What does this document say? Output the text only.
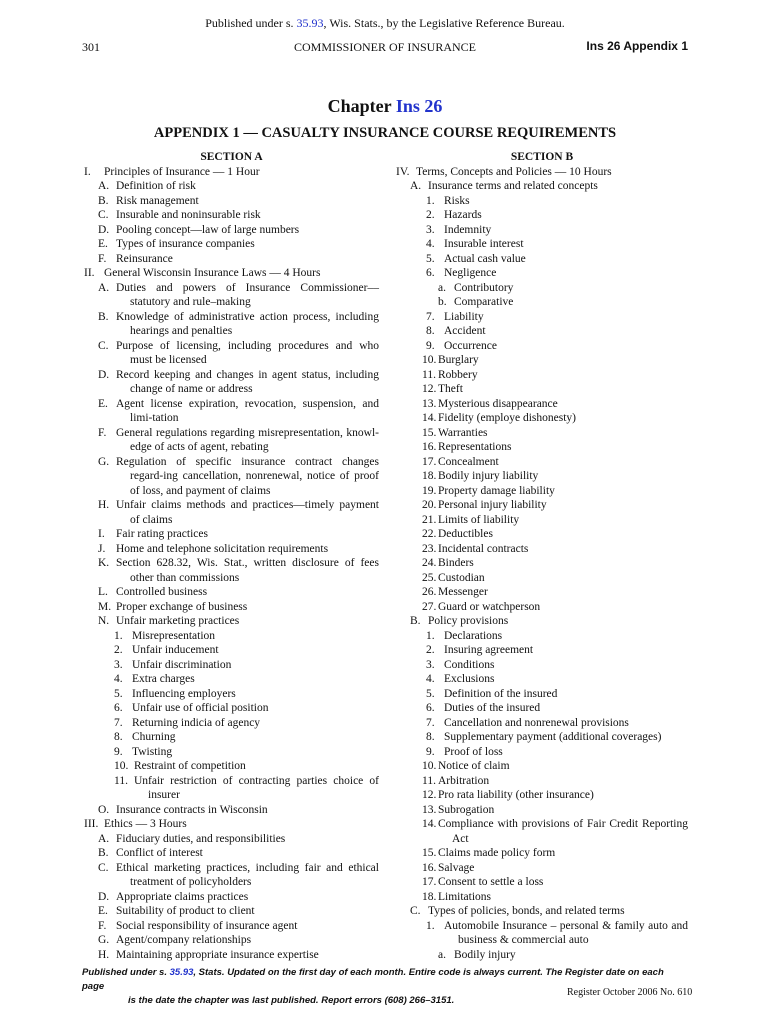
Published under s. 35.93, Wis. Stats., by the Legislative Reference Bureau.
301	COMMISSIONER OF INSURANCE	Ins 26 Appendix 1
Chapter Ins 26
APPENDIX 1 — CASUALTY INSURANCE COURSE REQUIREMENTS
SECTION A
I.	Principles of Insurance –– 1 Hour
A. Definition of risk
B. Risk management
C. Insurable and noninsurable risk
D. Pooling concept––law of large numbers
E. Types of insurance companies
F. Reinsurance
II. General Wisconsin Insurance Laws –– 4 Hours
A. Duties and powers of Insurance Commissioner––statutory and rule–making
B. Knowledge of administrative action process, including hearings and penalties
C. Purpose of licensing, including procedures and who must be licensed
D. Record keeping and changes in agent status, including change of name or address
E. Agent license expiration, revocation, suspension, and limi-tation
F. General regulations regarding misrepresentation, knowl-edge of acts of agent, rebating
G. Regulation of specific insurance contract changes regard-ing cancellation, nonrenewal, notice of proof of loss, and payment of claims
H. Unfair claims methods and practices––timely payment of claims
I. Fair rating practices
J. Home and telephone solicitation requirements
K. Section 628.32, Wis. Stat., written disclosure of fees other than commissions
L. Controlled business
M. Proper exchange of business
N. Unfair marketing practices
1. Misrepresentation
2. Unfair inducement
3. Unfair discrimination
4. Extra charges
5. Influencing employers
6. Unfair use of official position
7. Returning indicia of agency
8. Churning
9. Twisting
10. Restraint of competition
11. Unfair restriction of contracting parties choice of insurer
O. Insurance contracts in Wisconsin
III. Ethics –– 3 Hours
A. Fiduciary duties, and responsibilities
B. Conflict of interest
C. Ethical marketing practices, including fair and ethical treatment of policyholders
D. Appropriate claims practices
E. Suitability of product to client
F. Social responsibility of insurance agent
G. Agent/company relationships
H. Maintaining appropriate insurance expertise
SECTION B
IV. Terms, Concepts and Policies –– 10 Hours
A. Insurance terms and related concepts
1. Risks
2. Hazards
3. Indemnity
4. Insurable interest
5. Actual cash value
6. Negligence
a. Contributory
b. Comparative
7. Liability
8. Accident
9. Occurrence
10. Burglary
11. Robbery
12. Theft
13. Mysterious disappearance
14. Fidelity (employe dishonesty)
15. Warranties
16. Representations
17. Concealment
18. Bodily injury liability
19. Property damage liability
20. Personal injury liability
21. Limits of liability
22. Deductibles
23. Incidental contracts
24. Binders
25. Custodian
26. Messenger
27. Guard or watchperson
B. Policy provisions
1. Declarations
2. Insuring agreement
3. Conditions
4. Exclusions
5. Definition of the insured
6. Duties of the insured
7. Cancellation and nonrenewal provisions
8. Supplementary payment (additional coverages)
9. Proof of loss
10. Notice of claim
11. Arbitration
12. Pro rata liability (other insurance)
13. Subrogation
14. Compliance with provisions of Fair Credit Reporting Act
15. Claims made policy form
16. Salvage
17. Consent to settle a loss
18. Limitations
C. Types of policies, bonds, and related terms
1. Automobile Insurance – personal & family auto and business & commercial auto
a. Bodily injury
Published under s. 35.93, Stats. Updated on the first day of each month. Entire code is always current. The Register date on each page
is the date the chapter was last published. Report errors (608) 266–3151.
Register October 2006 No. 610
